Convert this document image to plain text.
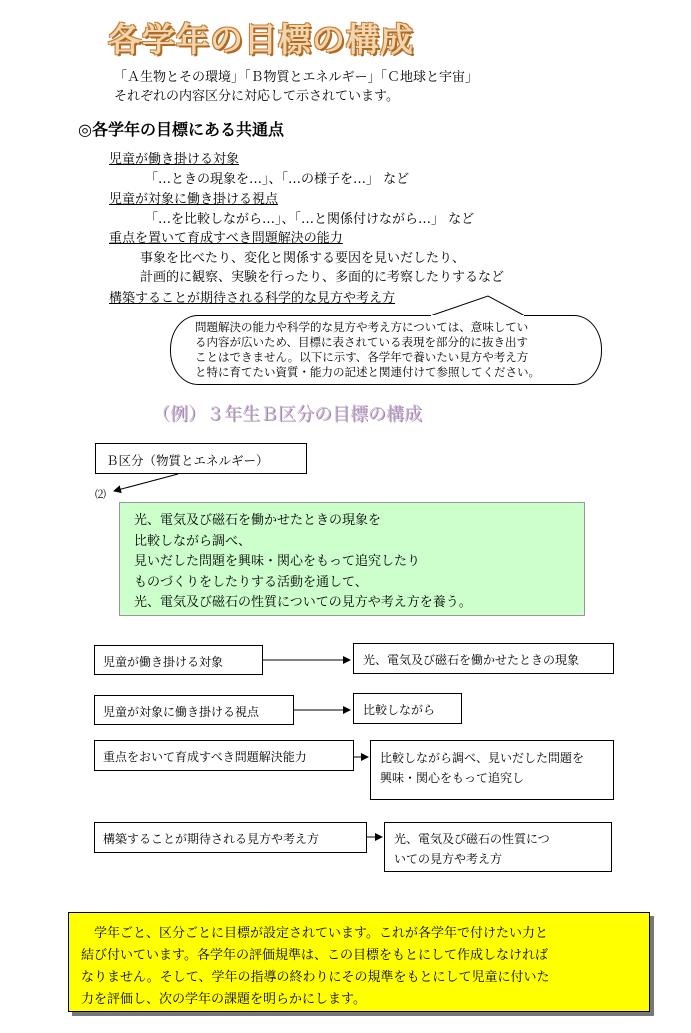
各学年の目標の構成
「Ａ生物とその環境」「Ｂ物質とエネルギー」「Ｃ地球と宇宙」
それぞれの内容区分に対応して示されています。
◎各学年の目標にある共通点
児童が働き掛ける対象
「…ときの現象を…」、「…の様子を…」 など
児童が対象に働き掛ける視点
「…を比較しながら…」、「…と関係付けながら…」 など
重点を置いて育成すべき問題解決の能力
事象を比べたり、変化と関係する要因を見いだしたり、
計画的に観察、実験を行ったり、多面的に考察したりするなど
構築することが期待される科学的な見方や考え方
問題解決の能力や科学的な見方や考え方については、意味してい
る内容が広いため、目標に表されている表現を部分的に抜き出す
ことはできません。以下に示す、各学年で養いたい見方や考え方
と特に育てたい資質・能力の記述と関連付けて参照してください。
（例）３年生Ｂ区分の目標の構成
Ｂ区分（物質とエネルギー）
⑵
光、電気及び磁石を働かせたときの現象を
比較しながら調べ、
見いだした問題を興味・関心をもって追究したり
ものづくりをしたりする活動を通して、
光、電気及び磁石の性質についての見方や考え方を養う。
児童が働き掛ける対象	光、電気及び磁石を働かせたときの現象
児童が対象に働き掛ける視点	比較しながら
重点をおいて育成すべき問題解決能力	比較しながら調べ、見いだした問題を
興味・関心をもって追究し
構築することが期待される見方や考え方	光、電気及び磁石の性質につ
いての見方や考え方
　学年ごと、区分ごとに目標が設定されています。これが各学年で付けたい力と
結び付いています。各学年の評価規準は、この目標をもとにして作成しなければ
なりません。そして、学年の指導の終わりにその規準をもとにして児童に付いた
力を評価し、次の学年の課題を明らかにします。
